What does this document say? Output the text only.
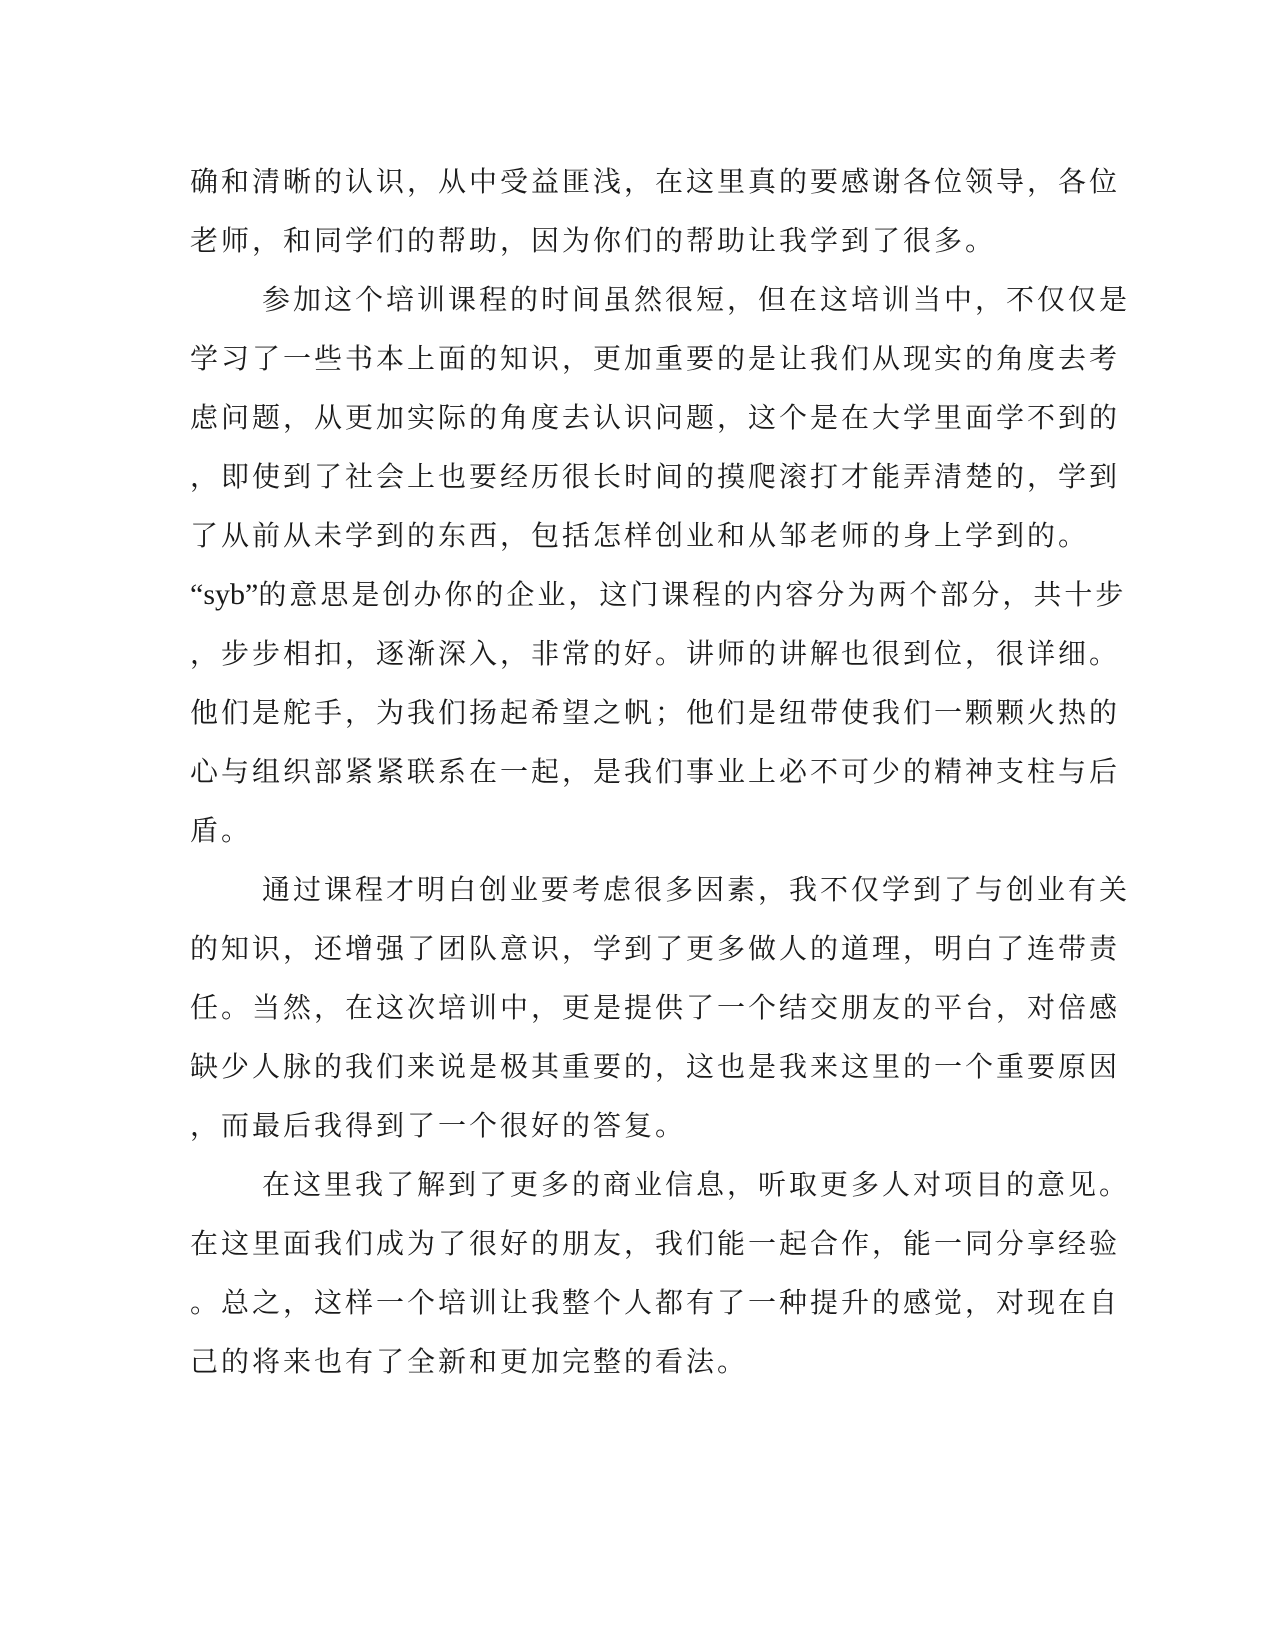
确和清晰的认识，从中受益匪浅，在这里真的要感谢各位领导，各位
老师，和同学们的帮助，因为你们的帮助让我学到了很多。
参加这个培训课程的时间虽然很短，但在这培训当中，不仅仅是
学习了一些书本上面的知识，更加重要的是让我们从现实的角度去考
虑问题，从更加实际的角度去认识问题，这个是在大学里面学不到的
，即使到了社会上也要经历很长时间的摸爬滚打才能弄清楚的，学到
了从前从未学到的东西，包括怎样创业和从邹老师的身上学到的。
“syb”的意思是创办你的企业，这门课程的内容分为两个部分，共十步
，步步相扣，逐渐深入，非常的好。讲师的讲解也很到位，很详细。
他们是舵手，为我们扬起希望之帆；他们是纽带使我们一颗颗火热的
心与组织部紧紧联系在一起，是我们事业上必不可少的精神支柱与后
盾。
通过课程才明白创业要考虑很多因素，我不仅学到了与创业有关
的知识，还增强了团队意识，学到了更多做人的道理，明白了连带责
任。当然，在这次培训中，更是提供了一个结交朋友的平台，对倍感
缺少人脉的我们来说是极其重要的，这也是我来这里的一个重要原因
，而最后我得到了一个很好的答复。
在这里我了解到了更多的商业信息，听取更多人对项目的意见。
在这里面我们成为了很好的朋友，我们能一起合作，能一同分享经验
。总之，这样一个培训让我整个人都有了一种提升的感觉，对现在自
己的将来也有了全新和更加完整的看法。
